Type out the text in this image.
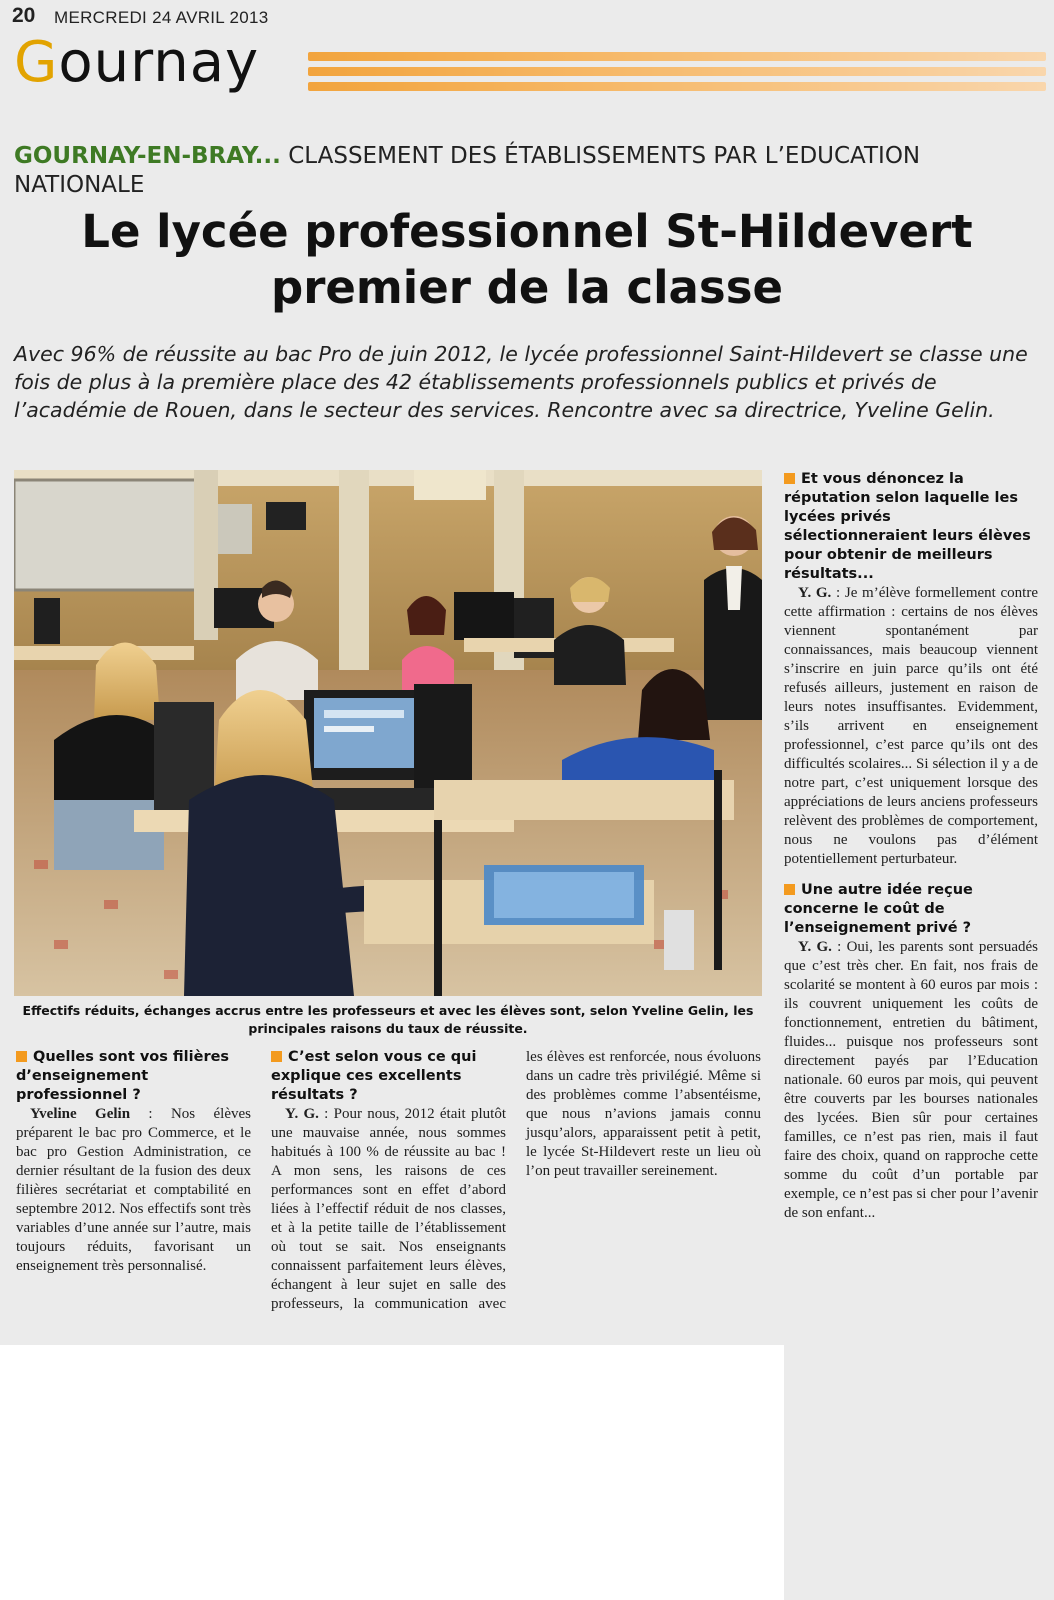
20 MERCREDI 24 AVRIL 2013
Gournay
GOURNAY-EN-BRAY... CLASSEMENT DES ÉTABLISSEMENTS PAR L’EDUCATION NATIONALE
Le lycée professionnel St-Hildevert
premier de la classe
Avec 96% de réussite au bac Pro de juin 2012, le lycée professionnel Saint-Hildevert se classe une fois de plus à la première place des 42 établissements professionnels publics et privés de l’académie de Rouen, dans le secteur des services. Rencontre avec sa directrice, Yveline Gelin.
Effectifs réduits, échanges accrus entre les professeurs et avec les élèves sont, selon Yveline Gelin, les principales raisons du taux de réussite.
Quelles sont vos filières d’enseignement professionnel ?

Yveline Gelin : Nos élèves préparent le bac pro Commerce, et le bac pro Gestion Administration, ce dernier résultant de la fusion des deux filières secrétariat et comptabilité en septembre 2012. Nos effectifs sont très variables d’une année sur l’autre, mais toujours réduits, favorisant un enseignement très personnalisé.

C’est selon vous ce qui explique ces excellents résultats ?

Y. G. : Pour nous, 2012 était plutôt une mauvaise année, nous sommes habitués à 100 % de réussite au bac ! A mon sens, les raisons de ces performances sont en effet d’abord liées à l’effectif réduit de nos classes, et à la petite taille de l’établissement où tout se sait. Nos enseignants connaissent parfaitement leurs élèves, échangent à leur sujet en salle des professeurs, la communication avec les élèves est renforcée, nous évoluons dans un cadre très privilégié. Même si des problèmes comme l’absentéisme, que nous n’avions jamais connu jusqu’alors, apparaissent petit à petit, le lycée St-Hildevert reste un lieu où l’on peut travailler sereinement.

Et vous dénoncez la réputation selon laquelle les lycées privés sélectionneraient leurs élèves pour obtenir de meilleurs résultats...

Y. G. : Je m’élève formellement contre cette affirmation : certains de nos élèves viennent spontanément par connaissances, mais beaucoup viennent s’inscrire en juin parce qu’ils ont été refusés ailleurs, justement en raison de leurs notes insuffisantes. Evidemment, s’ils arrivent en enseignement professionnel, c’est parce qu’ils ont des difficultés scolaires... Si sélection il y a de notre part, c’est uniquement lorsque des appréciations de leurs anciens professeurs relèvent des problèmes de comportement, nous ne voulons pas d’élément potentiellement perturbateur.

Une autre idée reçue concerne le coût de l’enseignement privé ?

Y. G. : Oui, les parents sont persuadés que c’est très cher. En fait, nos frais de scolarité se montent à 60 euros par mois : ils couvrent uniquement les coûts de fonctionnement, entretien du bâtiment, fluides... puisque nos professeurs sont directement payés par l’Education nationale. 60 euros par mois, qui peuvent être couverts par les bourses nationales des lycées. Bien sûr pour certaines familles, ce n’est pas rien, mais il faut faire des choix, quand on rapproche cette somme du coût d’un portable par exemple, ce n’est pas si cher pour l’avenir de son enfant...
